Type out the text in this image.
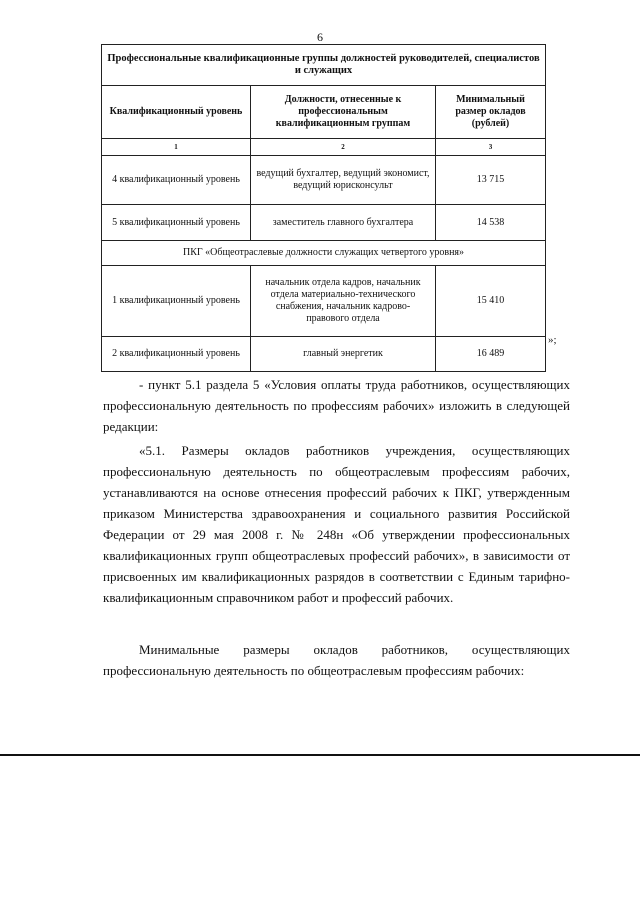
6
Профессиональные квалификационные группы должностей руководителей, специалистов и служащих		
Квалификационный уровень	Должности, отнесенные к профессиональным квалификационным группам	Минимальный размер окладов (рублей)
1	2	3
4 квалификационный уровень	ведущий бухгалтер, ведущий экономист, ведущий юрисконсульт	13 715
5 квалификационный уровень	заместитель главного бухгалтера	14 538
ПКГ «Общеотраслевые должности служащих четвертого уровня»		
1 квалификационный уровень	начальник отдела кадров, начальник отдела материально-технического снабжения, начальник кадрово-правового отдела	15 410
2 квалификационный уровень	главный энергетик	16 489
»;

- пункт 5.1 раздела 5 «Условия оплаты труда работников, осуществляющих профессиональную деятельность по профессиям рабочих» изложить в следующей редакции:

«5.1. Размеры окладов работников учреждения, осуществляющих профессиональную деятельность по общеотраслевым профессиям рабочих, устанавливаются на основе отнесения профессий рабочих к ПКГ, утвержденным приказом Министерства здравоохранения и социального развития Российской Федерации от 29 мая 2008 г. № 248н «Об утверждении профессиональных квалификационных групп общеотраслевых профессий рабочих», в зависимости от присвоенных им квалификационных разрядов в соответствии с Единым тарифно-квалификационным справочником работ и профессий рабочих.

Минимальные размеры окладов работников, осуществляющих профессиональную деятельность по общеотраслевым профессиям рабочих:
